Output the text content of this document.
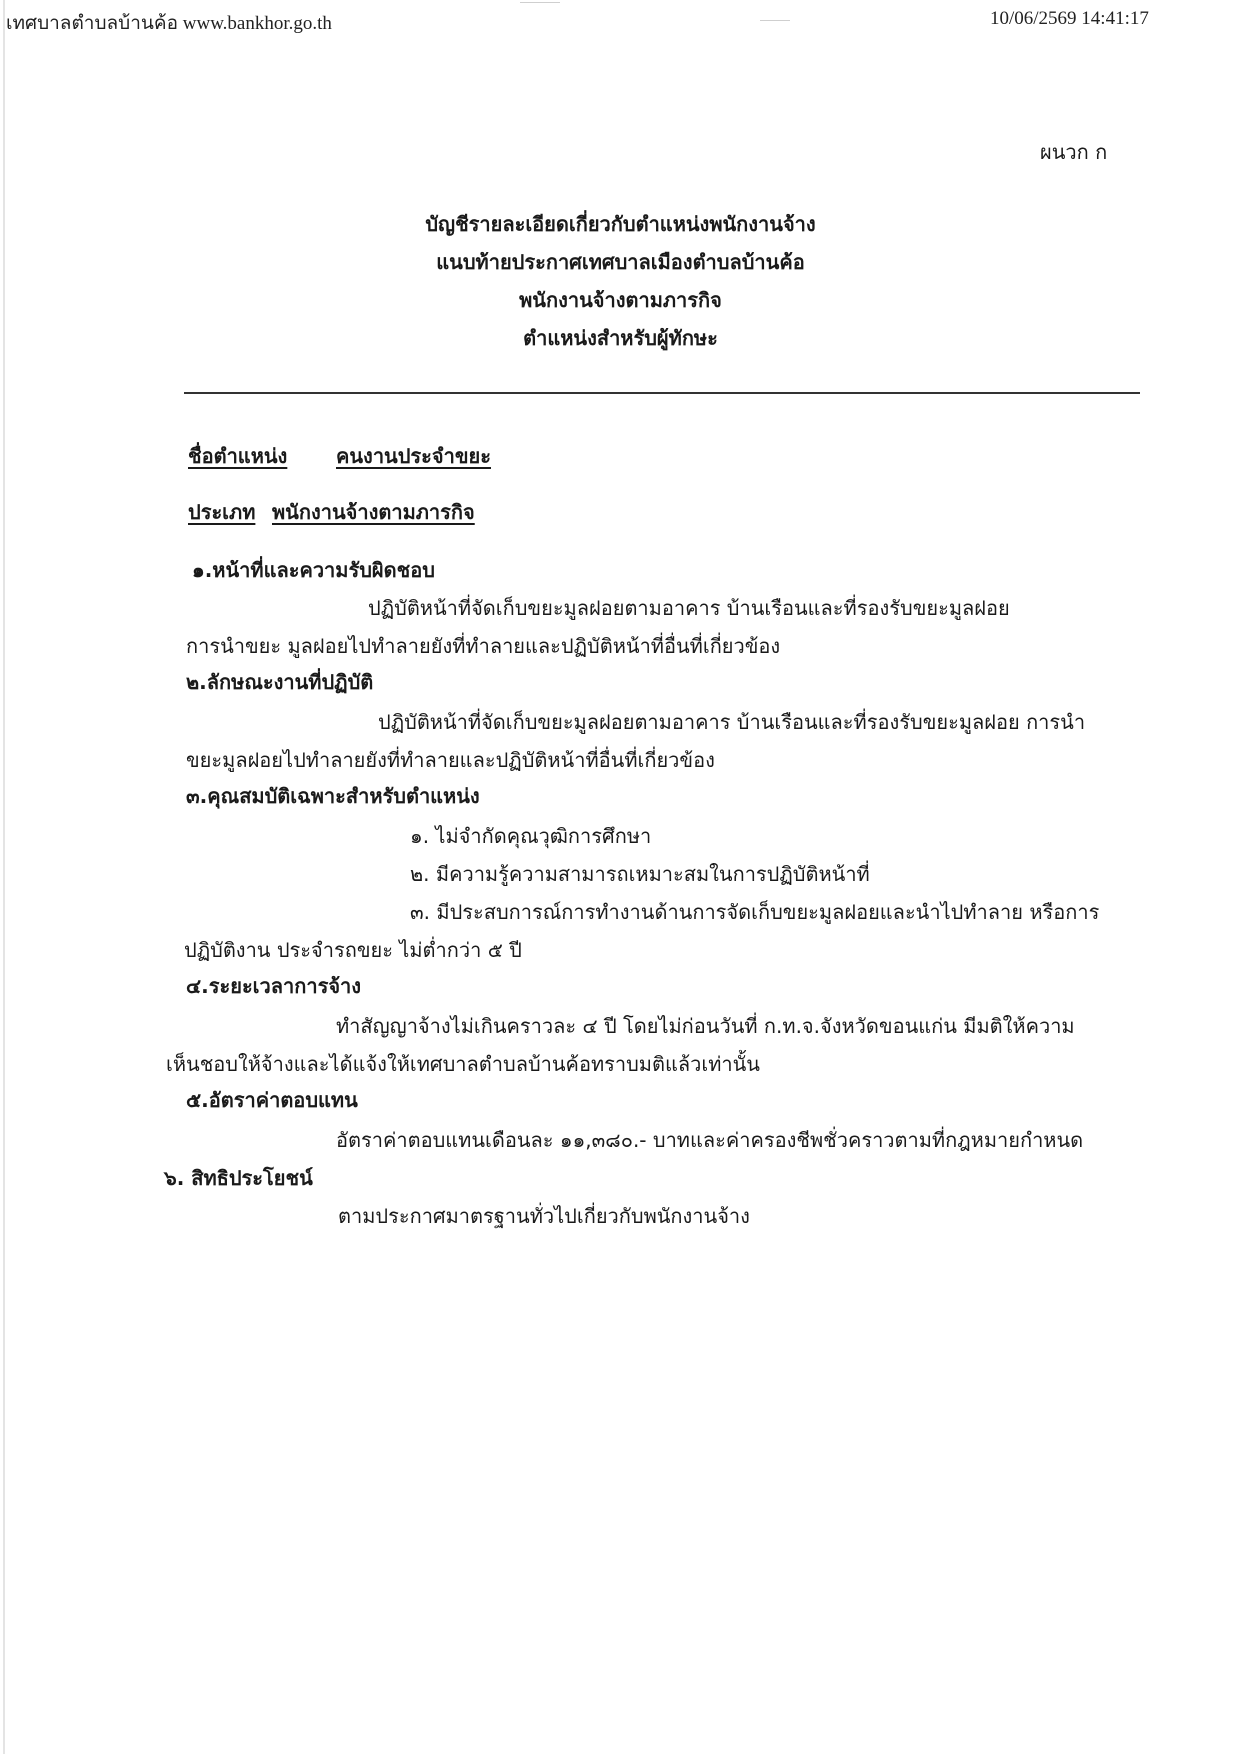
เทศบาลตำบลบ้านค้อ www.bankhor.go.th	10/06/2569 14:41:17
ผนวก ก
บัญชีรายละเอียดเกี่ยวกับตำแหน่งพนักงานจ้าง
แนบท้ายประกาศเทศบาลเมืองตำบลบ้านค้อ
พนักงานจ้างตามภารกิจ
ตำแหน่งสำหรับผู้ทักษะ
ชื่อตำแหน่ง คนงานประจำขยะ
ประเภท พนักงานจ้างตามภารกิจ
๑.หน้าที่และความรับผิดชอบ
ปฏิบัติหน้าที่จัดเก็บขยะมูลฝอยตามอาคาร บ้านเรือนและที่รองรับขยะมูลฝอย
การนำขยะ มูลฝอยไปทำลายยังที่ทำลายและปฏิบัติหน้าที่อื่นที่เกี่ยวข้อง
๒.ลักษณะงานที่ปฏิบัติ
ปฏิบัติหน้าที่จัดเก็บขยะมูลฝอยตามอาคาร บ้านเรือนและที่รองรับขยะมูลฝอย การนำ
ขยะมูลฝอยไปทำลายยังที่ทำลายและปฏิบัติหน้าที่อื่นที่เกี่ยวข้อง
๓.คุณสมบัติเฉพาะสำหรับตำแหน่ง
๑. ไม่จำกัดคุณวุฒิการศึกษา
๒. มีความรู้ความสามารถเหมาะสมในการปฏิบัติหน้าที่
๓. มีประสบการณ์การทำงานด้านการจัดเก็บขยะมูลฝอยและนำไปทำลาย หรือการ
ปฏิบัติงาน ประจำรถขยะ ไม่ต่ำกว่า ๕ ปี
๔.ระยะเวลาการจ้าง
ทำสัญญาจ้างไม่เกินคราวละ ๔ ปี โดยไม่ก่อนวันที่ ก.ท.จ.จังหวัดขอนแก่น มีมติให้ความ
เห็นชอบให้จ้างและได้แจ้งให้เทศบาลตำบลบ้านค้อทราบมติแล้วเท่านั้น
๕.อัตราค่าตอบแทน
อัตราค่าตอบแทนเดือนละ ๑๑,๓๘๐.- บาทและค่าครองชีพชั่วคราวตามที่กฎหมายกำหนด
๖. สิทธิประโยชน์
ตามประกาศมาตรฐานทั่วไปเกี่ยวกับพนักงานจ้าง
